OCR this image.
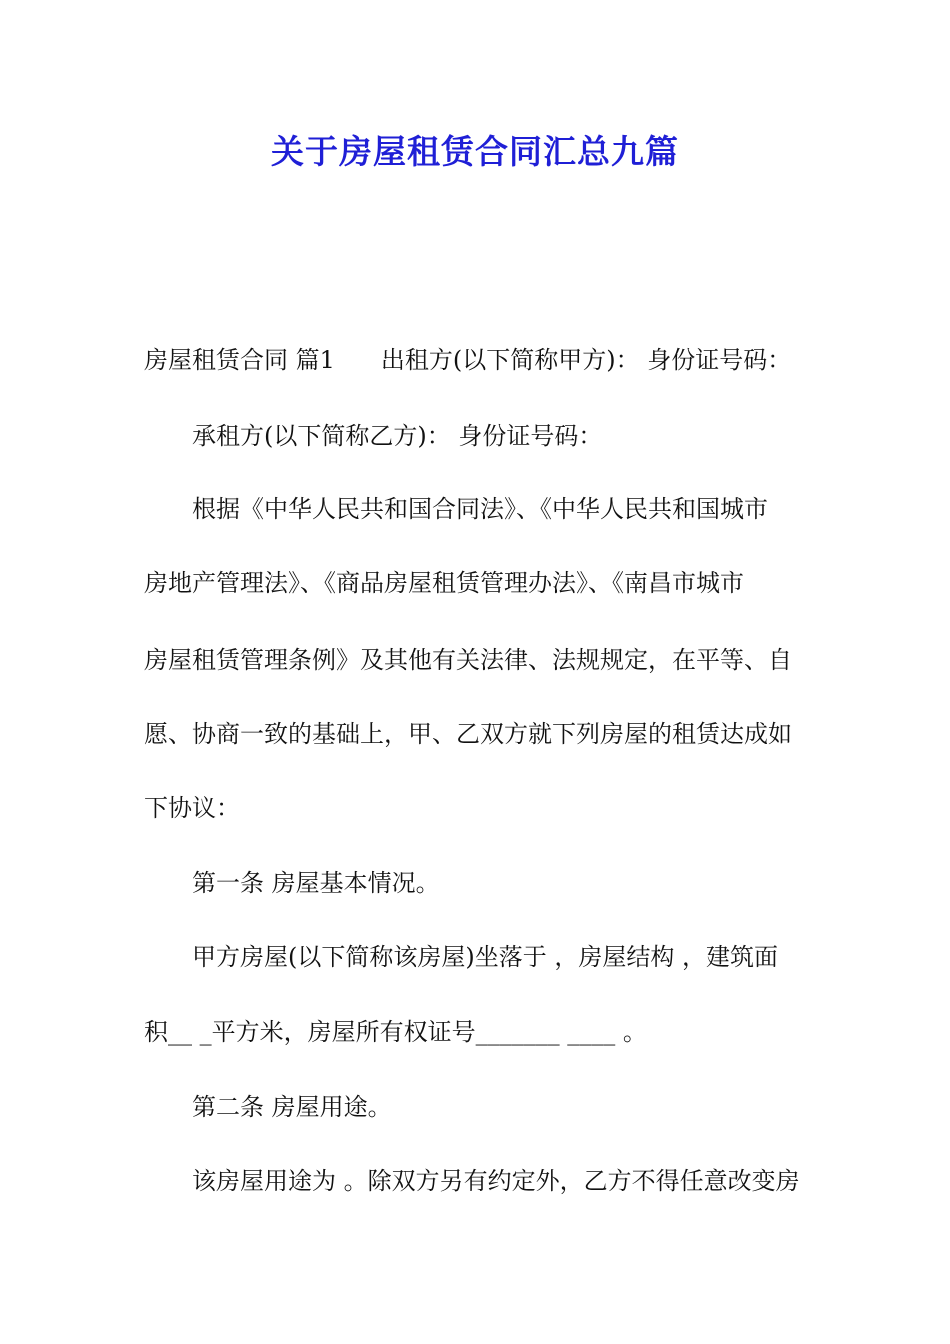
关于房屋租赁合同汇总九篇
房屋租赁合同 篇1 出租方(以下简称甲方)： 身份证号码：
承租方(以下简称乙方)： 身份证号码：
根据《中华人民共和国合同法》、《中华人民共和国城市
房地产管理法》、《商品房屋租赁管理办法》、《南昌市城市
房屋租赁管理条例》及其他有关法律、法规规定，在平等、自
愿、协商一致的基础上，甲、乙双方就下列房屋的租赁达成如
下协议：
第一条 房屋基本情况。
甲方房屋(以下简称该房屋)坐落于 ，房屋结构 ，建筑面
积__ _平方米，房屋所有权证号_______ ____ 。
第二条 房屋用途。
该房屋用途为 。除双方另有约定外，乙方不得任意改变房
